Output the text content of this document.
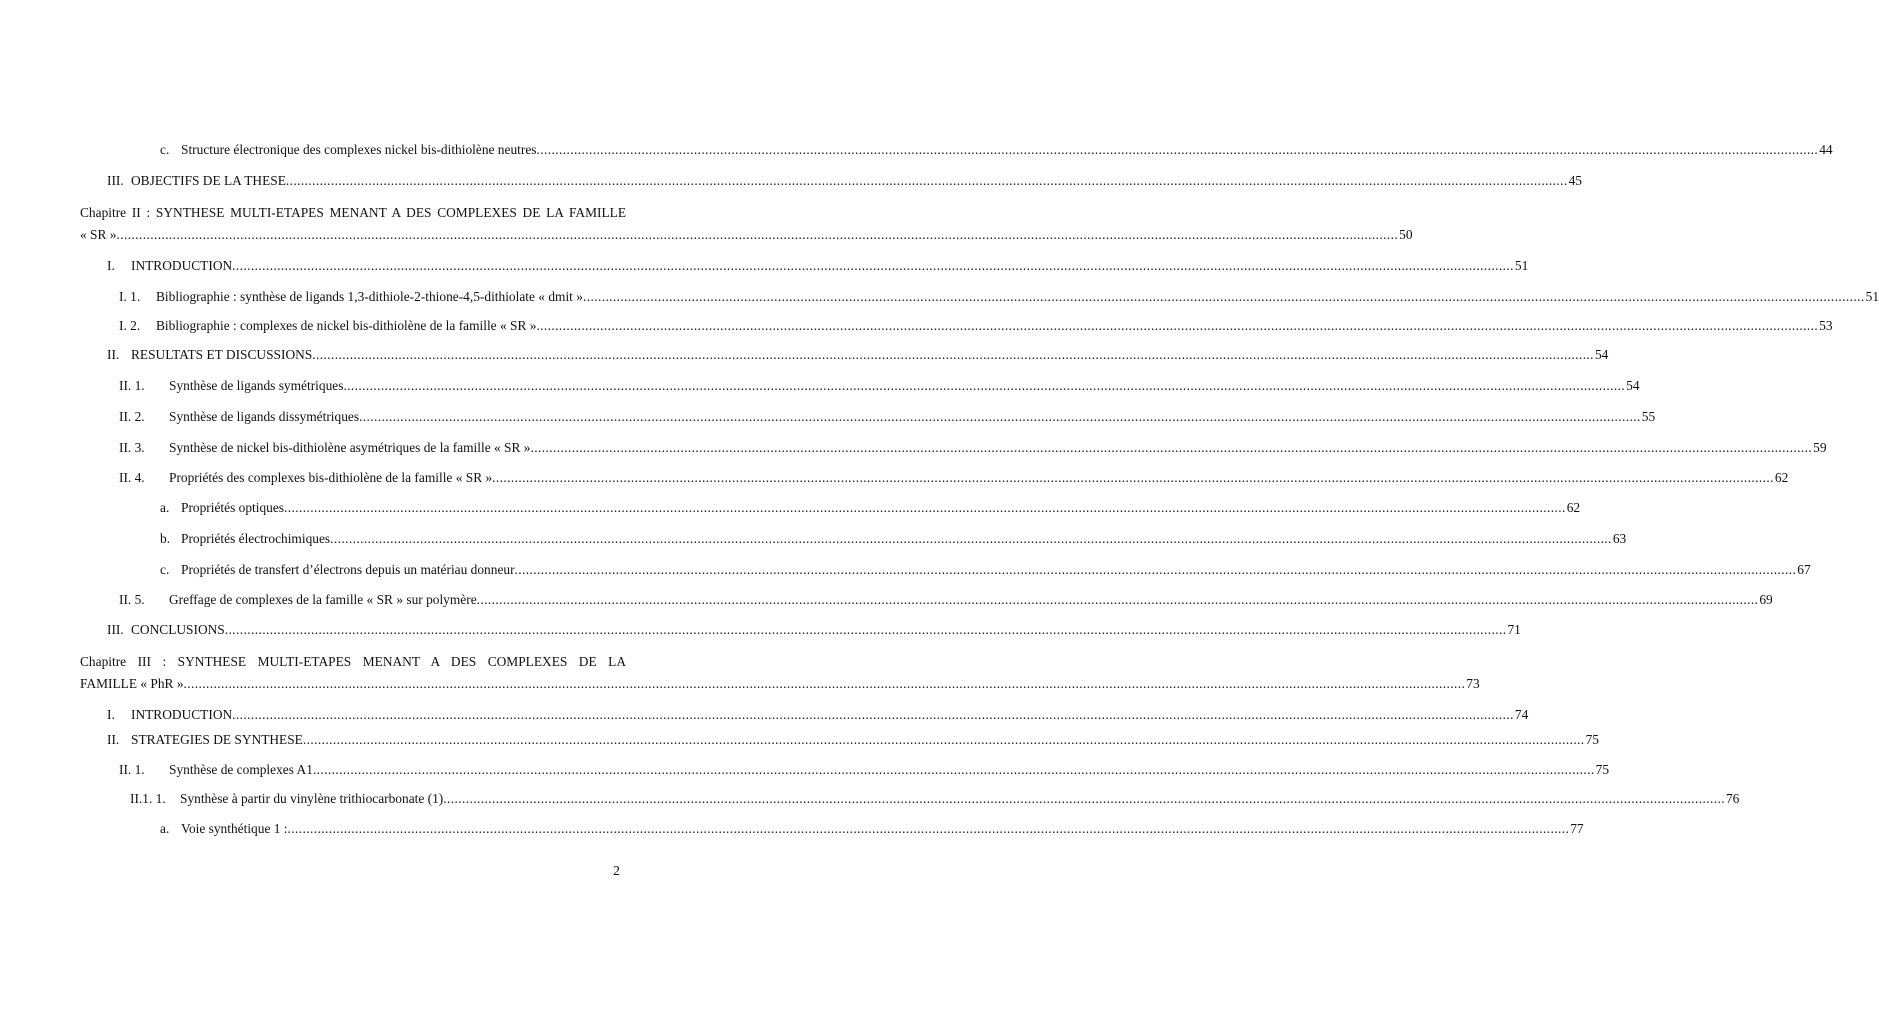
c. Structure électronique des complexes nickel bis-dithiolène neutres ...................................................................................................................................................................................................................................................................................................................................................... 44
III. OBJECTIFS DE LA THESE ...................................................................................................................................................................................................................................................................................................................................................... 45
Chapitre II : SYNTHESE MULTI-ETAPES MENANT A DES COMPLEXES DE LA FAMILLE
« SR » ...................................................................................................................................................................................................................................................................................................................................................... 50
I. INTRODUCTION ...................................................................................................................................................................................................................................................................................................................................................... 51
I. 1. Bibliographie : synthèse de ligands 1,3-dithiole-2-thione-4,5-dithiolate « dmit » ...................................................................................................................................................................................................................................................................................................................................................... 51
I. 2. Bibliographie : complexes de nickel bis-dithiolène de la famille « SR » ...................................................................................................................................................................................................................................................................................................................................................... 53
II. RESULTATS ET DISCUSSIONS ...................................................................................................................................................................................................................................................................................................................................................... 54
II. 1. Synthèse de ligands symétriques ...................................................................................................................................................................................................................................................................................................................................................... 54
II. 2. Synthèse de ligands dissymétriques ...................................................................................................................................................................................................................................................................................................................................................... 55
II. 3. Synthèse de nickel bis-dithiolène asymétriques de la famille « SR » ...................................................................................................................................................................................................................................................................................................................................................... 59
II. 4. Propriétés des complexes bis-dithiolène de la famille « SR » ...................................................................................................................................................................................................................................................................................................................................................... 62
a. Propriétés optiques ...................................................................................................................................................................................................................................................................................................................................................... 62
b. Propriétés électrochimiques ...................................................................................................................................................................................................................................................................................................................................................... 63
c. Propriétés de transfert d’électrons depuis un matériau donneur ...................................................................................................................................................................................................................................................................................................................................................... 67
II. 5. Greffage de complexes de la famille « SR » sur polymère ...................................................................................................................................................................................................................................................................................................................................................... 69
III. CONCLUSIONS ...................................................................................................................................................................................................................................................................................................................................................... 71
Chapitre III : SYNTHESE MULTI-ETAPES MENANT A DES COMPLEXES DE LA
FAMILLE « PhR » ...................................................................................................................................................................................................................................................................................................................................................... 73
I. INTRODUCTION ...................................................................................................................................................................................................................................................................................................................................................... 74
II. STRATEGIES DE SYNTHESE ...................................................................................................................................................................................................................................................................................................................................................... 75
II. 1. Synthèse de complexes A1 ...................................................................................................................................................................................................................................................................................................................................................... 75
II.1. 1. Synthèse à partir du vinylène trithiocarbonate (1) ...................................................................................................................................................................................................................................................................................................................................................... 76
a. Voie synthétique 1 : ...................................................................................................................................................................................................................................................................................................................................................... 77
2
